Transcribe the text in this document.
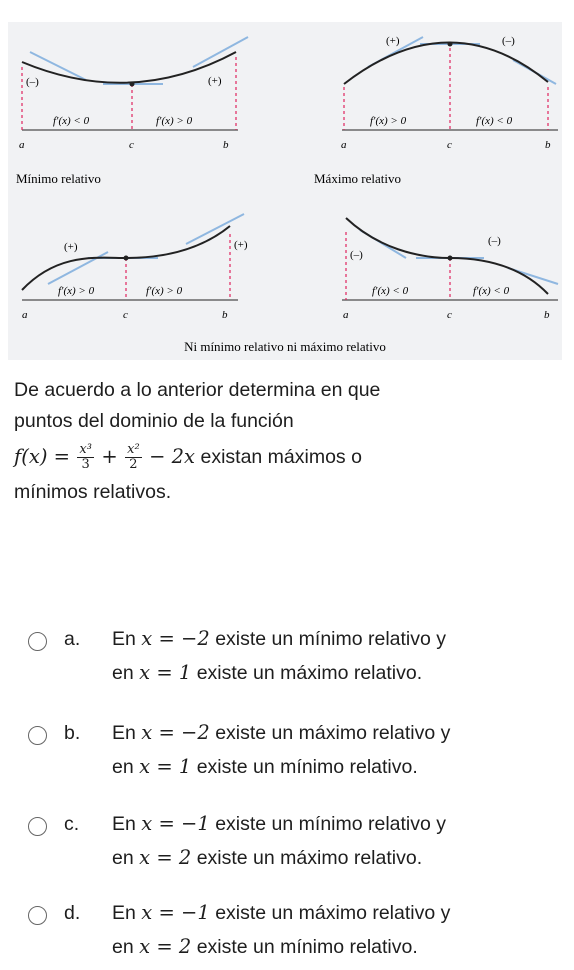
(–)	(+)
f′(x) < 0	f′(x) > 0
a	c	b
(+)	(–)
f′(x) > 0	f′(x) < 0
a	c	b
Mínimo relativo	Máximo relativo
(+)	(+)
f′(x) > 0	f′(x) > 0
a	c	b
(–)
(–)
f′(x) < 0	f′(x) < 0
a	c	b
Ni mínimo relativo ni máximo relativo
De acuerdo a lo anterior determina en que
puntos del dominio de la función
$f(x) = \frac{\text{x³}}{3} + \frac{\text{x²}}{2} - 2x$ existan máximos o
mínimos relativos.
a. En x = −2 existe un mínimo relativo y
en x = 1 existe un máximo relativo.
b. En x = −2 existe un máximo relativo y
en x = 1 existe un mínimo relativo.
c. En x = −1 existe un mínimo relativo y
en x = 2 existe un máximo relativo.
d. En x = −1 existe un máximo relativo y
en x = 2 existe un mínimo relativo.
